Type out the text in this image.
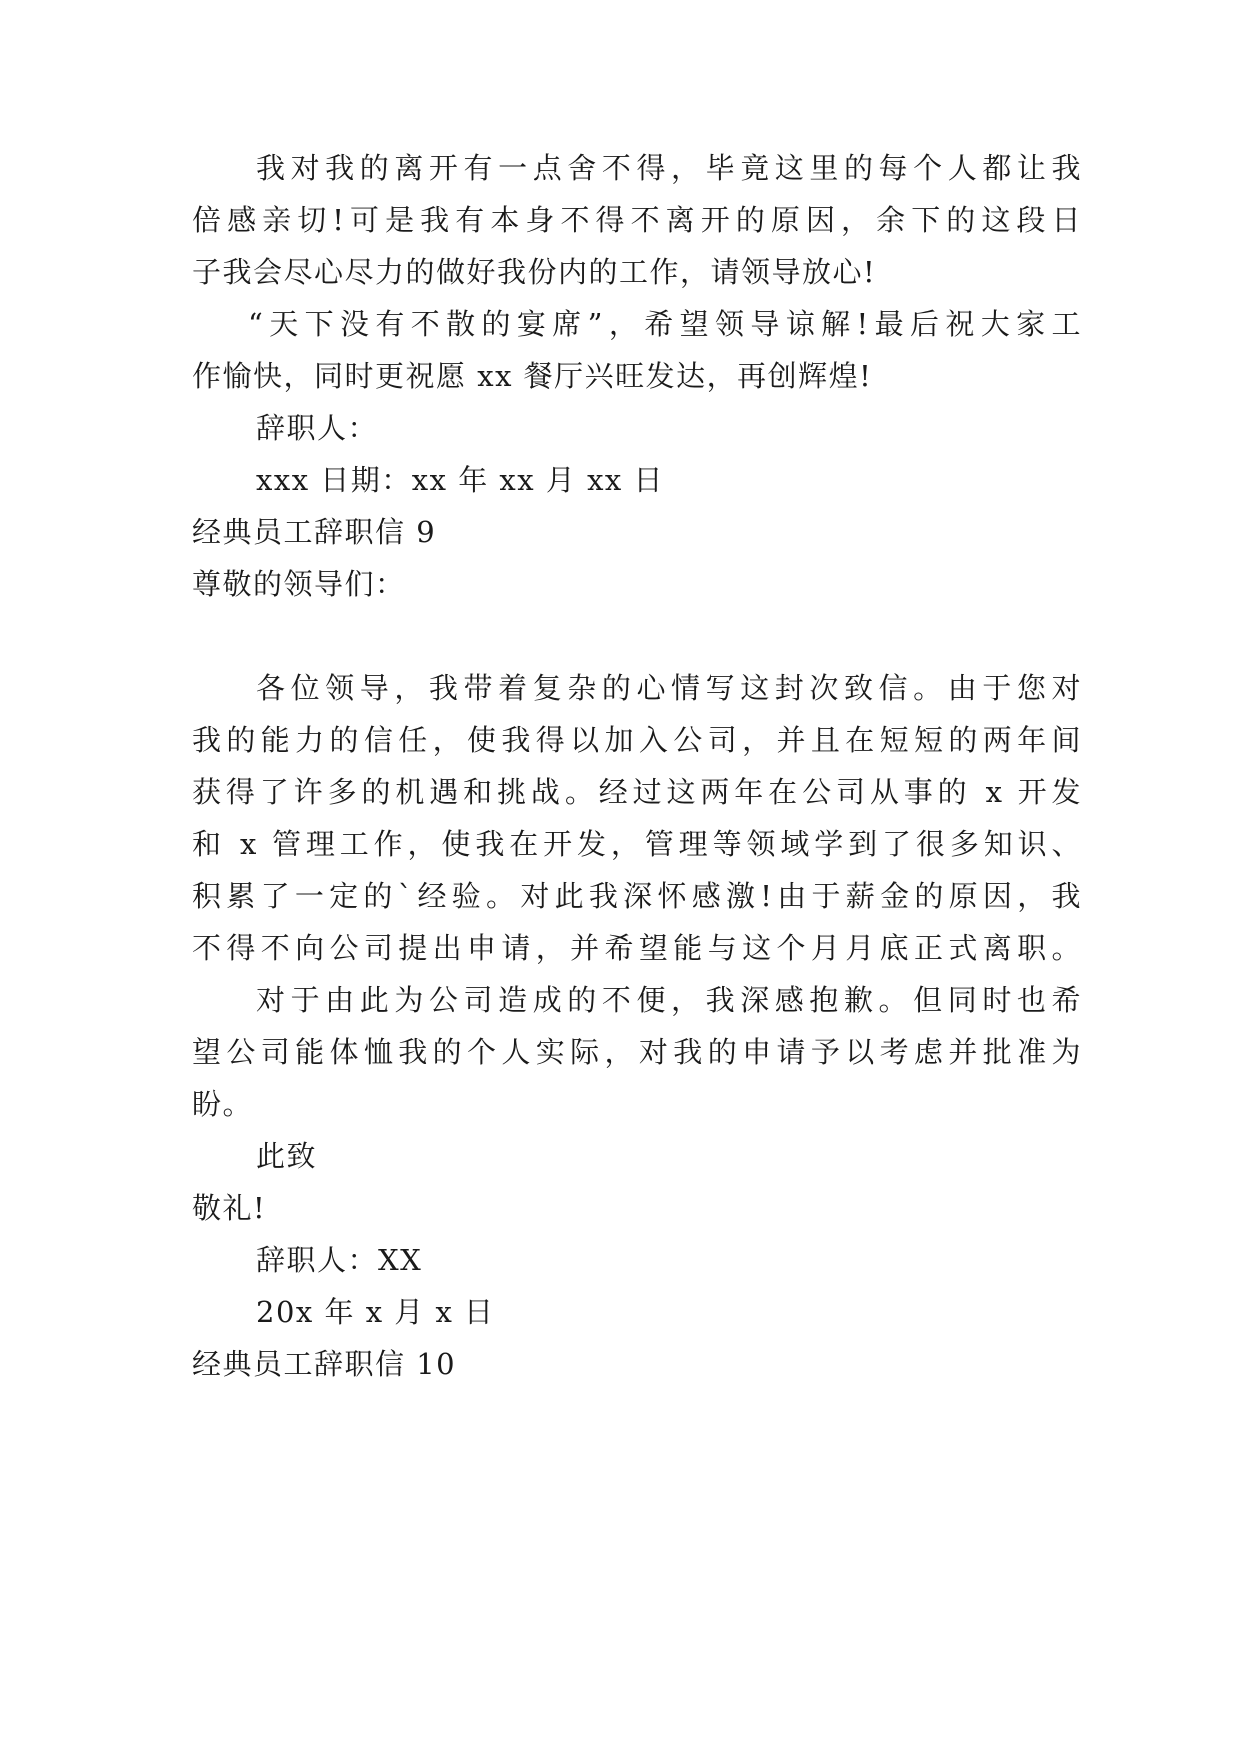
我对我的离开有一点舍不得，毕竟这里的每个人都让我
倍感亲切!可是我有本身不得不离开的原因，余下的这段日
子我会尽心尽力的做好我份内的工作，请领导放心!
“天下没有不散的宴席”，希望领导谅解!最后祝大家工
作愉快，同时更祝愿 xx 餐厅兴旺发达，再创辉煌!
辞职人：
xxx 日期：xx 年 xx 月 xx 日
经典员工辞职信 9
尊敬的领导们：
各位领导，我带着复杂的心情写这封次致信。由于您对
我的能力的信任，使我得以加入公司，并且在短短的两年间
获得了许多的机遇和挑战。经过这两年在公司从事的 x 开发
和 x 管理工作，使我在开发，管理等领域学到了很多知识、
积累了一定的`经验。对此我深怀感激!由于薪金的原因，我
不得不向公司提出申请，并希望能与这个月月底正式离职。
对于由此为公司造成的不便，我深感抱歉。但同时也希
望公司能体恤我的个人实际，对我的申请予以考虑并批准为
盼。
此致
敬礼!
辞职人：XX
20x 年 x 月 x 日
经典员工辞职信 10
